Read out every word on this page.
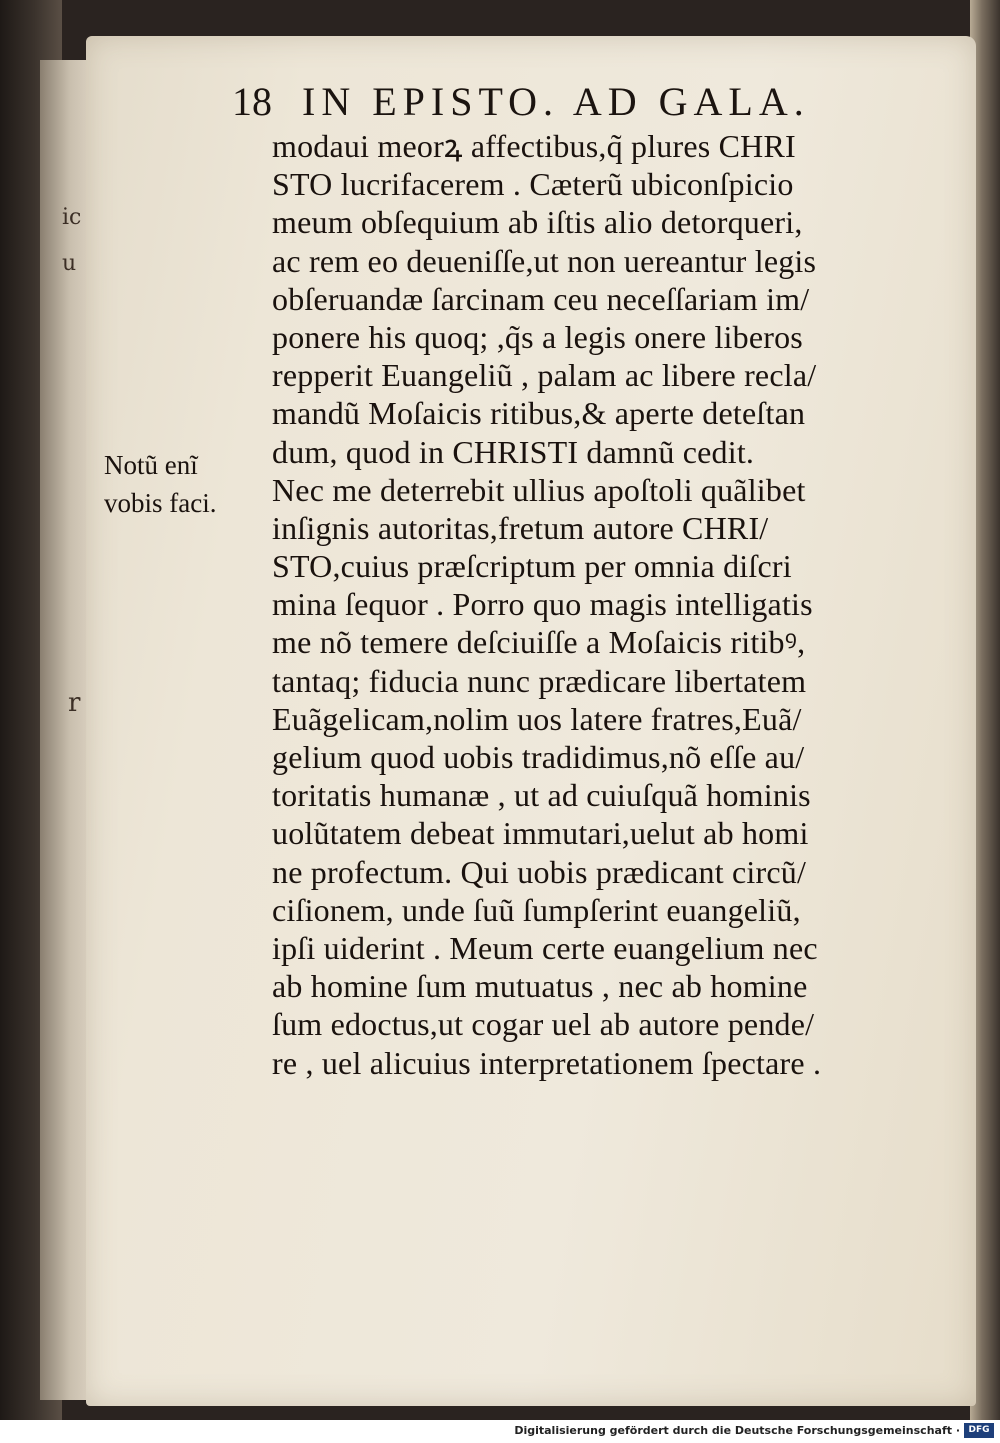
ic
u
r
18 IN EPISTO. AD GALA.
Notũ enĩ
vobis faci.
modaui meorꝝ affectibus,q̃ plures CHRI
STO lucrifacerem . Cæterũ ubiconſpicio
meum obſequium ab iſtis alio detorqueri,
ac rem eo deueniſſe,ut non uereantur legis
obſeruandæ ſarcinam ceu neceſſariam im/
ponere his quoq; ,q̃s a legis onere liberos
repperit Euangeliũ , palam ac libere recla/
mandũ Moſaicis ritibus,& aperte deteſtan
dum, quod in CHRISTI damnũ cedit.
Nec me deterrebit ullius apoſtoli quãlibet
inſignis autoritas,fretum autore CHRI/
STO,cuius præſcriptum per omnia diſcri
mina ſequor . Porro quo magis intelligatis
me nõ temere deſciuiſſe a Moſaicis ritibꝰ,
tantaq; fiducia nunc prædicare libertatem
Euãgelicam,nolim uos latere fratres,Euã/
gelium quod uobis tradidimus,nõ eſſe au/
toritatis humanæ , ut ad cuiuſquã hominis
uolũtatem debeat immutari,uelut ab homi
ne profectum. Qui uobis prædicant circũ/
ciſionem, unde ſuũ ſumpſerint euangeliũ,
ipſi uiderint . Meum certe euangelium nec
ab homine ſum mutuatus , nec ab homine
ſum edoctus,ut cogar uel ab autore pende/
re , uel alicuius interpretationem ſpectare .
Digitalisierung gefördert durch die Deutsche Forschungsgemeinschaft · DFG
